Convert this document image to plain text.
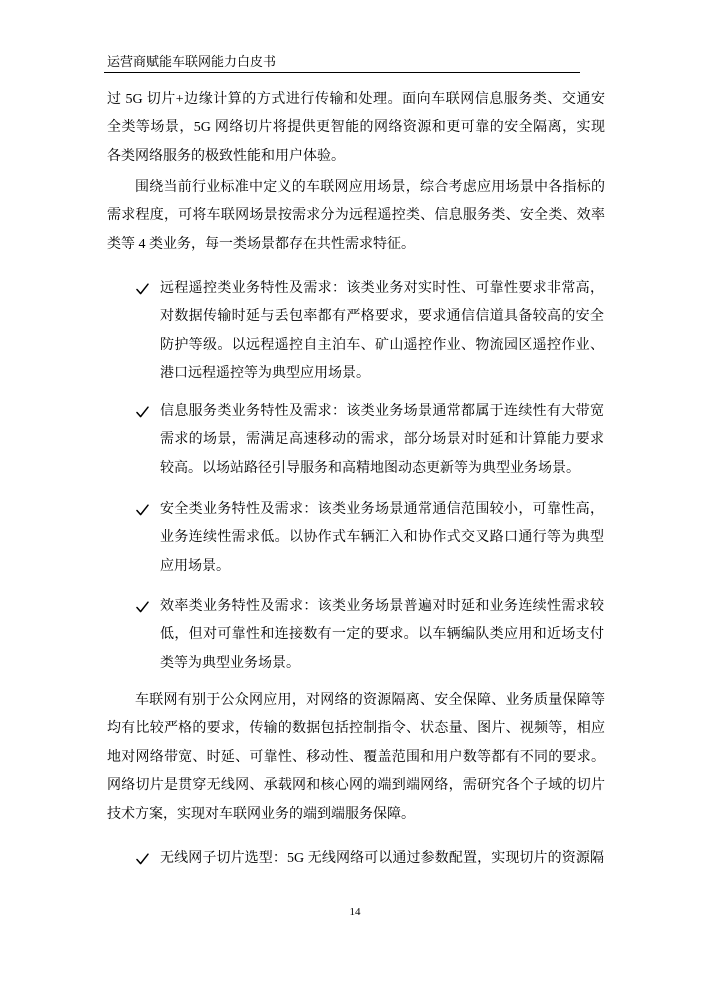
运营商赋能车联网能力白皮书
过 5G 切片+边缘计算的方式进行传输和处理。面向车联网信息服务类、交通安
全类等场景，5G 网络切片将提供更智能的网络资源和更可靠的安全隔离，实现
各类网络服务的极致性能和用户体验。
围绕当前行业标准中定义的车联网应用场景，综合考虑应用场景中各指标的
需求程度，可将车联网场景按需求分为远程遥控类、信息服务类、安全类、效率
类等 4 类业务，每一类场景都存在共性需求特征。
远程遥控类业务特性及需求：该类业务对实时性、可靠性要求非常高，
对数据传输时延与丢包率都有严格要求，要求通信信道具备较高的安全
防护等级。以远程遥控自主泊车、矿山遥控作业、物流园区遥控作业、
港口远程遥控等为典型应用场景。
信息服务类业务特性及需求：该类业务场景通常都属于连续性有大带宽
需求的场景，需满足高速移动的需求，部分场景对时延和计算能力要求
较高。以场站路径引导服务和高精地图动态更新等为典型业务场景。
安全类业务特性及需求：该类业务场景通常通信范围较小，可靠性高，
业务连续性需求低。以协作式车辆汇入和协作式交叉路口通行等为典型
应用场景。
效率类业务特性及需求：该类业务场景普遍对时延和业务连续性需求较
低，但对可靠性和连接数有一定的要求。以车辆编队类应用和近场支付
类等为典型业务场景。
车联网有别于公众网应用，对网络的资源隔离、安全保障、业务质量保障等
均有比较严格的要求，传输的数据包括控制指令、状态量、图片、视频等，相应
地对网络带宽、时延、可靠性、移动性、覆盖范围和用户数等都有不同的要求。
网络切片是贯穿无线网、承载网和核心网的端到端网络，需研究各个子域的切片
技术方案，实现对车联网业务的端到端服务保障。
无线网子切片选型：5G 无线网络可以通过参数配置，实现切片的资源隔
14
